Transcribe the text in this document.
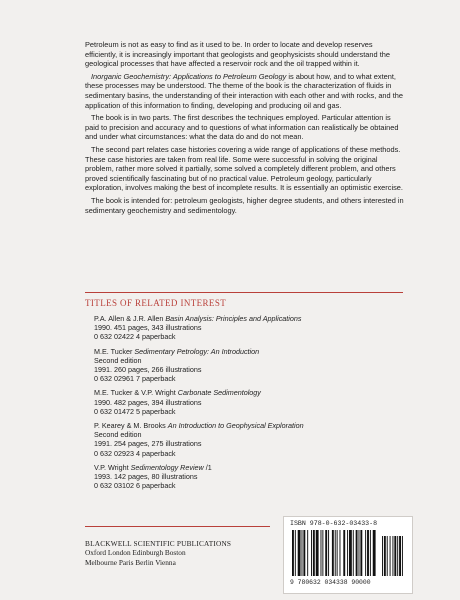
Petroleum is not as easy to find as it used to be. In order to locate and develop reserves efficiently, it is increasingly important that geologists and geophysicists should understand the geological processes that have affected a reservoir rock and the oil trapped within it.

Inorganic Geochemistry: Applications to Petroleum Geology is about how, and to what extent, these processes may be understood. The theme of the book is the characterization of fluids in sedimentary basins, the understanding of their interaction with each other and with rocks, and the application of this information to finding, developing and producing oil and gas.

The book is in two parts. The first describes the techniques employed. Particular attention is paid to precision and accuracy and to questions of what information can realistically be obtained and under what circumstances: what the data do and do not mean.

The second part relates case histories covering a wide range of applications of these methods. These case histories are taken from real life. Some were successful in solving the original problem, rather more solved it partially, some solved a completely different problem, and others proved scientifically fascinating but of no practical value. Petroleum geology, particularly exploration, involves making the best of incomplete results. It is essentially an optimistic exercise.

The book is intended for: petroleum geologists, higher degree students, and others interested in sedimentary geochemistry and sedimentology.

TITLES OF RELATED INTEREST
P.A. Allen & J.R. Allen Basin Analysis: Principles and Applications
1990. 451 pages, 343 illustrations
0 632 02422 4 paperback
M.E. Tucker Sedimentary Petrology: An Introduction
Second edition
1991. 260 pages, 266 illustrations
0 632 02961 7 paperback
M.E. Tucker & V.P. Wright Carbonate Sedimentology
1990. 482 pages, 394 illustrations
0 632 01472 5 paperback
P. Kearey & M. Brooks An Introduction to Geophysical Exploration
Second edition
1991. 254 pages, 275 illustrations
0 632 02923 4 paperback
V.P. Wright Sedimentology Review /1
1993. 142 pages, 80 illustrations
0 632 03102 6 paperback
BLACKWELL SCIENTIFIC PUBLICATIONS
Oxford London Edinburgh Boston
Melbourne Paris Berlin Vienna
ISBN 978-0-632-03433-8
9 780632 034338 90000
